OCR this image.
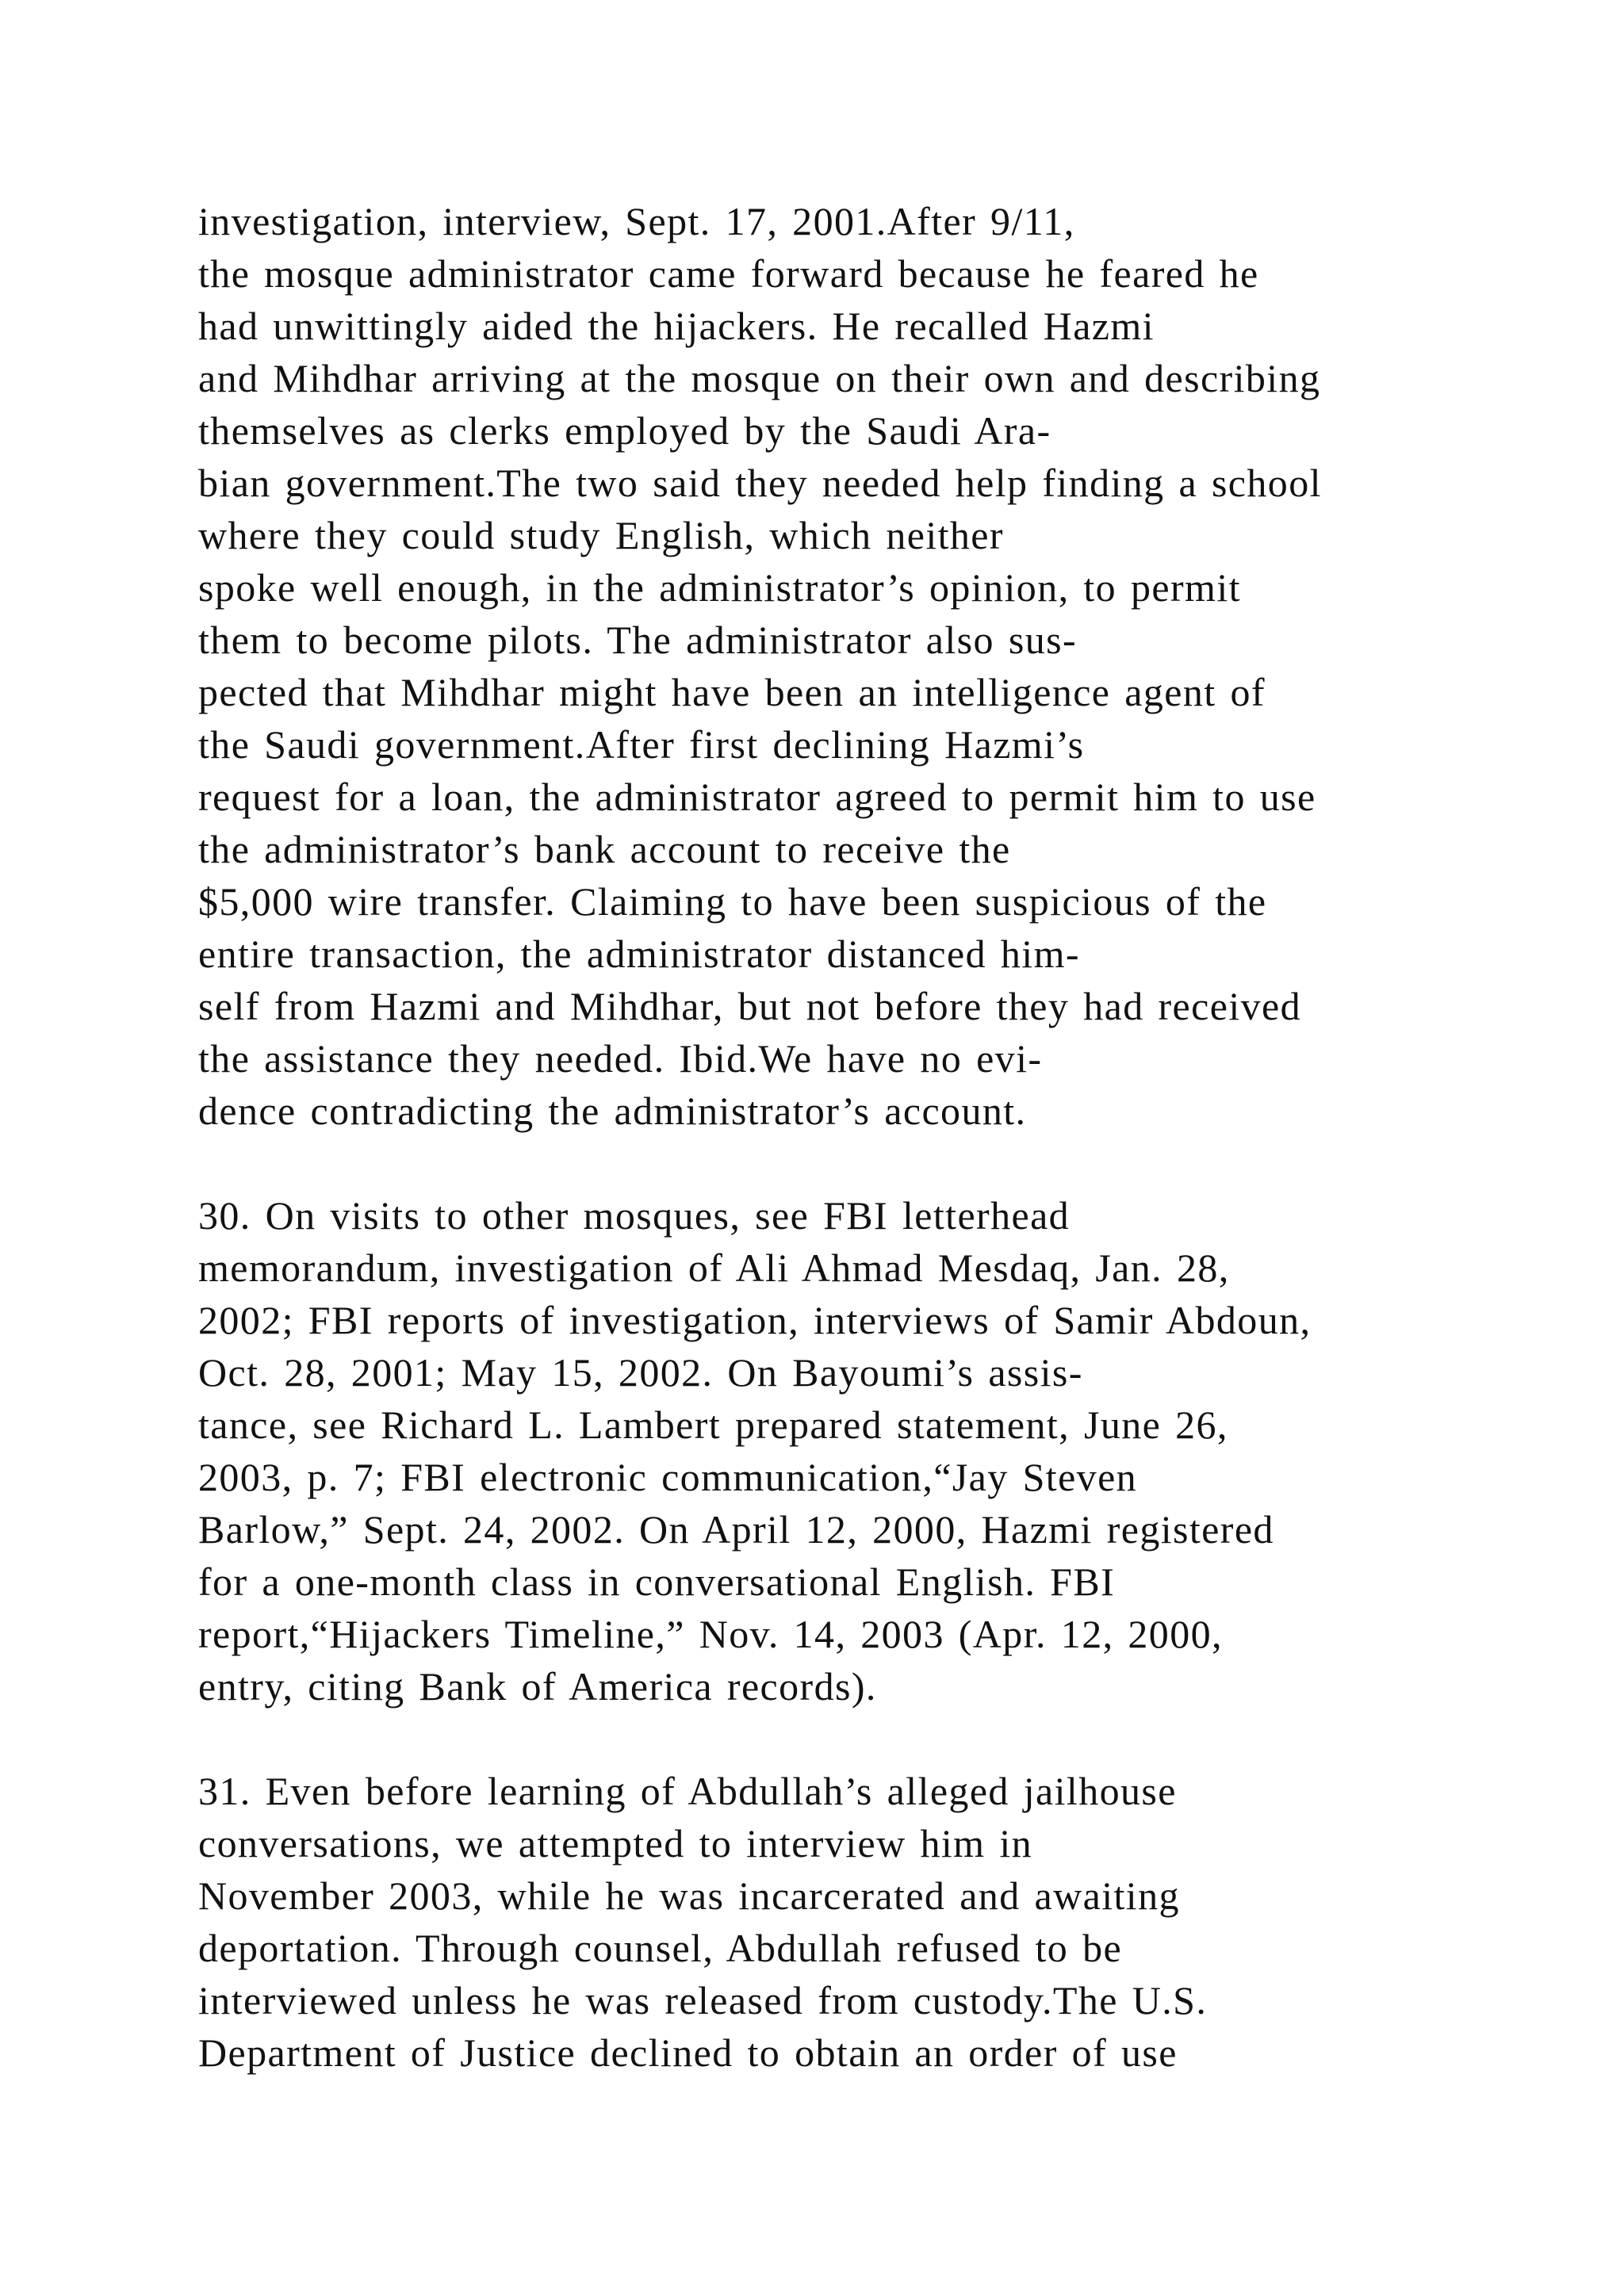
investigation, interview, Sept. 17, 2001.After 9/11,
the mosque administrator came forward because he feared he
had unwittingly aided the hijackers. He recalled Hazmi
and Mihdhar arriving at the mosque on their own and describing
themselves as clerks employed by the Saudi Ara-
bian government.The two said they needed help finding a school
where they could study English, which neither
spoke well enough, in the administrator’s opinion, to permit
them to become pilots. The administrator also sus-
pected that Mihdhar might have been an intelligence agent of
the Saudi government.After first declining Hazmi’s
request for a loan, the administrator agreed to permit him to use
the administrator’s bank account to receive the
$5,000 wire transfer. Claiming to have been suspicious of the
entire transaction, the administrator distanced him-
self from Hazmi and Mihdhar, but not before they had received
the assistance they needed. Ibid.We have no evi-
dence contradicting the administrator’s account.
30. On visits to other mosques, see FBI letterhead
memorandum, investigation of Ali Ahmad Mesdaq, Jan. 28,
2002; FBI reports of investigation, interviews of Samir Abdoun,
Oct. 28, 2001; May 15, 2002. On Bayoumi’s assis-
tance, see Richard L. Lambert prepared statement, June 26,
2003, p. 7; FBI electronic communication,“Jay Steven
Barlow,” Sept. 24, 2002. On April 12, 2000, Hazmi registered
for a one-month class in conversational English. FBI
report,“Hijackers Timeline,” Nov. 14, 2003 (Apr. 12, 2000,
entry, citing Bank of America records).
31. Even before learning of Abdullah’s alleged jailhouse
conversations, we attempted to interview him in
November 2003, while he was incarcerated and awaiting
deportation. Through counsel, Abdullah refused to be
interviewed unless he was released from custody.The U.S.
Department of Justice declined to obtain an order of use
